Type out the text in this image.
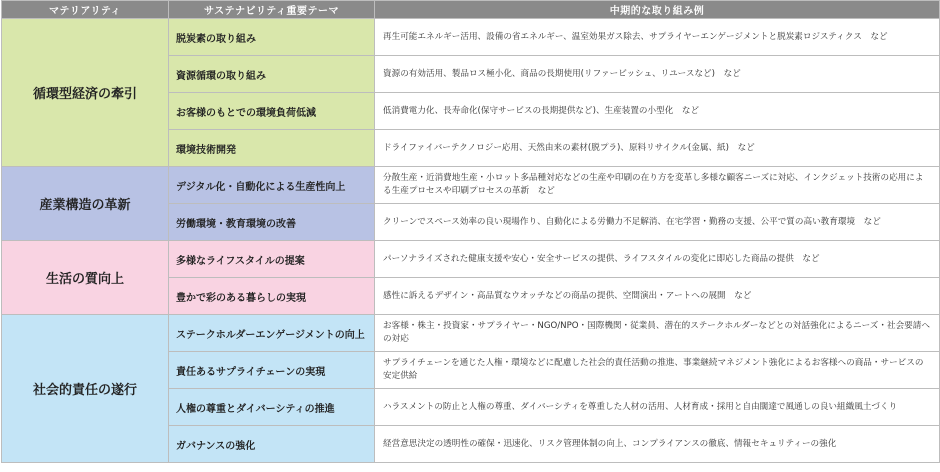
マテリアリティ	サステナビリティ重要テーマ	中期的な取り組み例
循環型経済の牽引	脱炭素の取り組み	再生可能エネルギー活用、設備の省エネルギー、温室効果ガス除去、サプライヤーエンゲージメントと脱炭素ロジスティクス　など
	資源循環の取り組み	資源の有効活用、製品ロス極小化、商品の長期使用(リファービッシュ、リユースなど)　など
	お客様のもとでの環境負荷低減	低消費電力化、長寿命化(保守サービスの長期提供など)、生産装置の小型化　など
	環境技術開発	ドライファイバーテクノロジー応用、天然由来の素材(脱プラ)、原料リサイクル(金属、紙)　など
産業構造の革新	デジタル化・自動化による生産性向上	分散生産・近消費地生産・小ロット多品種対応などの生産や印刷の在り方を変革し多様な顧客ニーズに対応、インクジェット技術の応用による生産プロセスや印刷プロセスの革新　など
	労働環境・教育環境の改善	クリーンでスペース効率の良い現場作り、自動化による労働力不足解消、在宅学習・勤務の支援、公平で質の高い教育環境　など
生活の質向上	多様なライフスタイルの提案	パーソナライズされた健康支援や安心・安全サービスの提供、ライフスタイルの変化に即応した商品の提供　など
	豊かで彩のある暮らしの実現	感性に訴えるデザイン・高品質なウオッチなどの商品の提供、空間演出・アートへの展開　など
社会的責任の遂行	ステークホルダーエンゲージメントの向上	お客様・株主・投資家・サプライヤー・NGO/NPO・国際機関・従業員、潜在的ステークホルダーなどとの対話強化によるニーズ・社会要請への対応
	責任あるサプライチェーンの実現	サプライチェーンを通じた人権・環境などに配慮した社会的責任活動の推進、事業継続マネジメント強化によるお客様への商品・サービスの安定供給
	人権の尊重とダイバーシティの推進	ハラスメントの防止と人権の尊重、ダイバーシティを尊重した人材の活用、人材育成・採用と自由闊達で風通しの良い組織風土づくり
	ガバナンスの強化	経営意思決定の透明性の確保・迅速化、リスク管理体制の向上、コンプライアンスの徹底、情報セキュリティーの強化
